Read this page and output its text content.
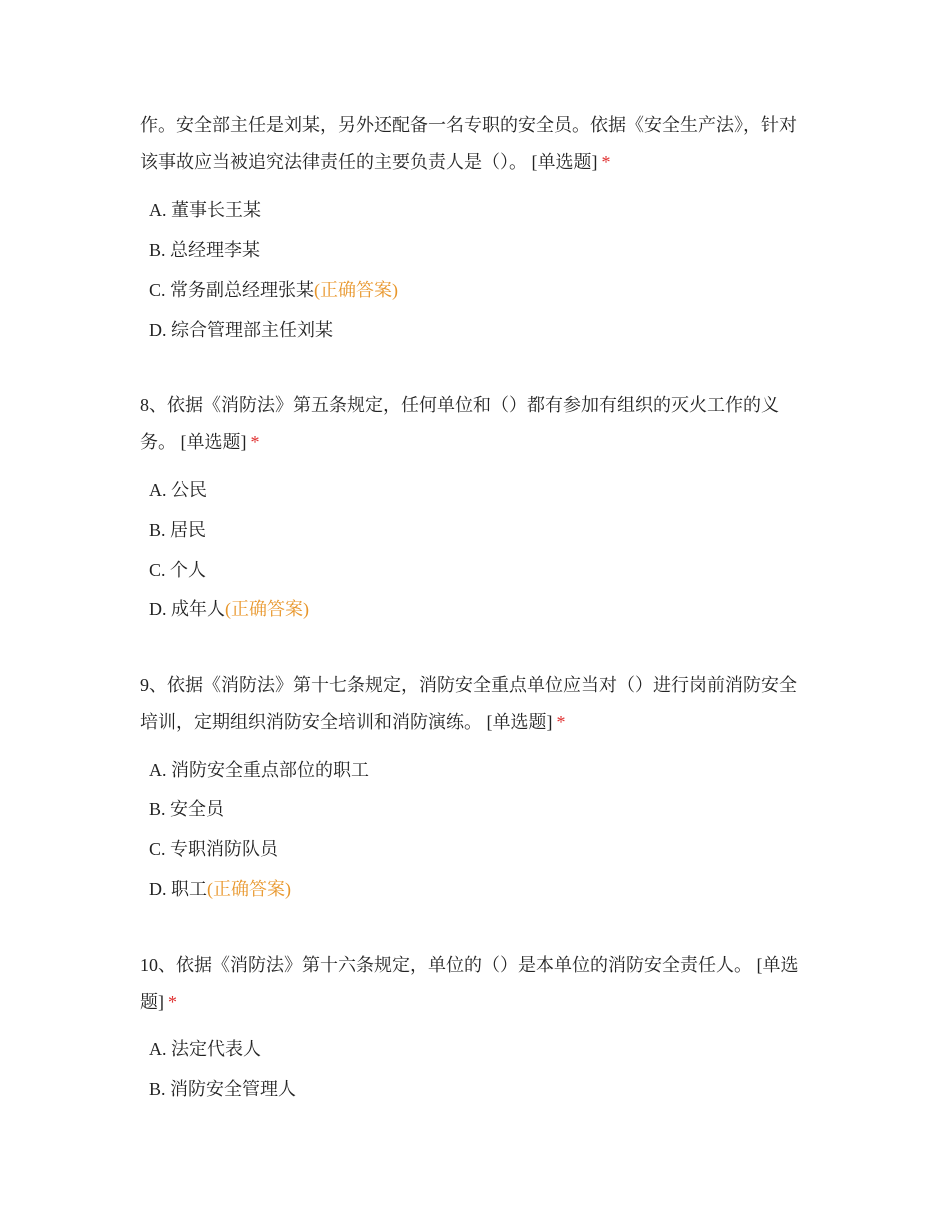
作。安全部主任是刘某，另外还配备一名专职的安全员。依据《安全生产法》，针对该事故应当被追究法律责任的主要负责人是（）。 [单选题] *

A. 董事长王某
B. 总经理李某
C. 常务副总经理张某(正确答案)
D. 综合管理部主任刘某

8、依据《消防法》第五条规定，任何单位和（）都有参加有组织的灭火工作的义务。 [单选题] *

A. 公民
B. 居民
C. 个人
D. 成年人(正确答案)

9、依据《消防法》第十七条规定，消防安全重点单位应当对（）进行岗前消防安全培训，定期组织消防安全培训和消防演练。 [单选题] *

A. 消防安全重点部位的职工
B. 安全员
C. 专职消防队员
D. 职工(正确答案)

10、依据《消防法》第十六条规定，单位的（）是本单位的消防安全责任人。 [单选题] *

A. 法定代表人
B. 消防安全管理人
